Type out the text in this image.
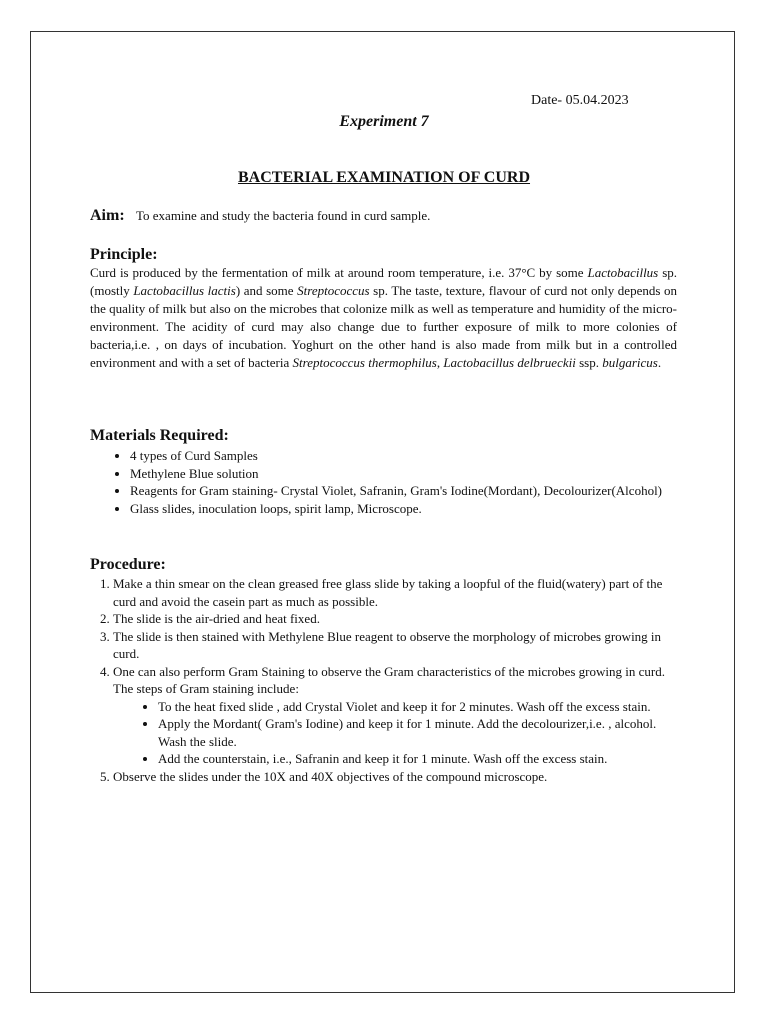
Date- 05.04.2023
Experiment 7
BACTERIAL EXAMINATION OF CURD
Aim: To examine and study the bacteria found in curd sample.
Principle:

Curd is produced by the fermentation of milk at around room temperature, i.e. 37°C by some Lactobacillus sp.(mostly Lactobacillus lactis) and some Streptococcus sp. The taste, texture, flavour of curd not only depends on the quality of milk but also on the microbes that colonize milk as well as temperature and humidity of the micro-environment. The acidity of curd may also change due to further exposure of milk to more colonies of bacteria,i.e. , on days of incubation. Yoghurt on the other hand is also made from milk but in a controlled environment and with a set of bacteria Streptococcus thermophilus, Lactobacillus delbrueckii ssp. bulgaricus.

Materials Required:
• 4 types of Curd Samples
• Methylene Blue solution
• Reagents for Gram staining- Crystal Violet, Safranin, Gram's Iodine(Mordant), Decolourizer(Alcohol)
• Glass slides, inoculation loops, spirit lamp, Microscope.
Procedure:
1. Make a thin smear on the clean greased free glass slide by taking a loopful of the fluid(watery) part of the curd and avoid the casein part as much as possible.
2. The slide is the air-dried and heat fixed.
3. The slide is then stained with Methylene Blue reagent to observe the morphology of microbes growing in curd.
4. One can also perform Gram Staining to observe the Gram characteristics of the microbes growing in curd. The steps of Gram staining include:
• To the heat fixed slide , add Crystal Violet and keep it for 2 minutes. Wash off the excess stain.
• Apply the Mordant( Gram's Iodine) and keep it for 1 minute. Add the decolourizer,i.e. , alcohol. Wash the slide.
• Add the counterstain, i.e., Safranin and keep it for 1 minute. Wash off the excess stain.
5. Observe the slides under the 10X and 40X objectives of the compound microscope.
